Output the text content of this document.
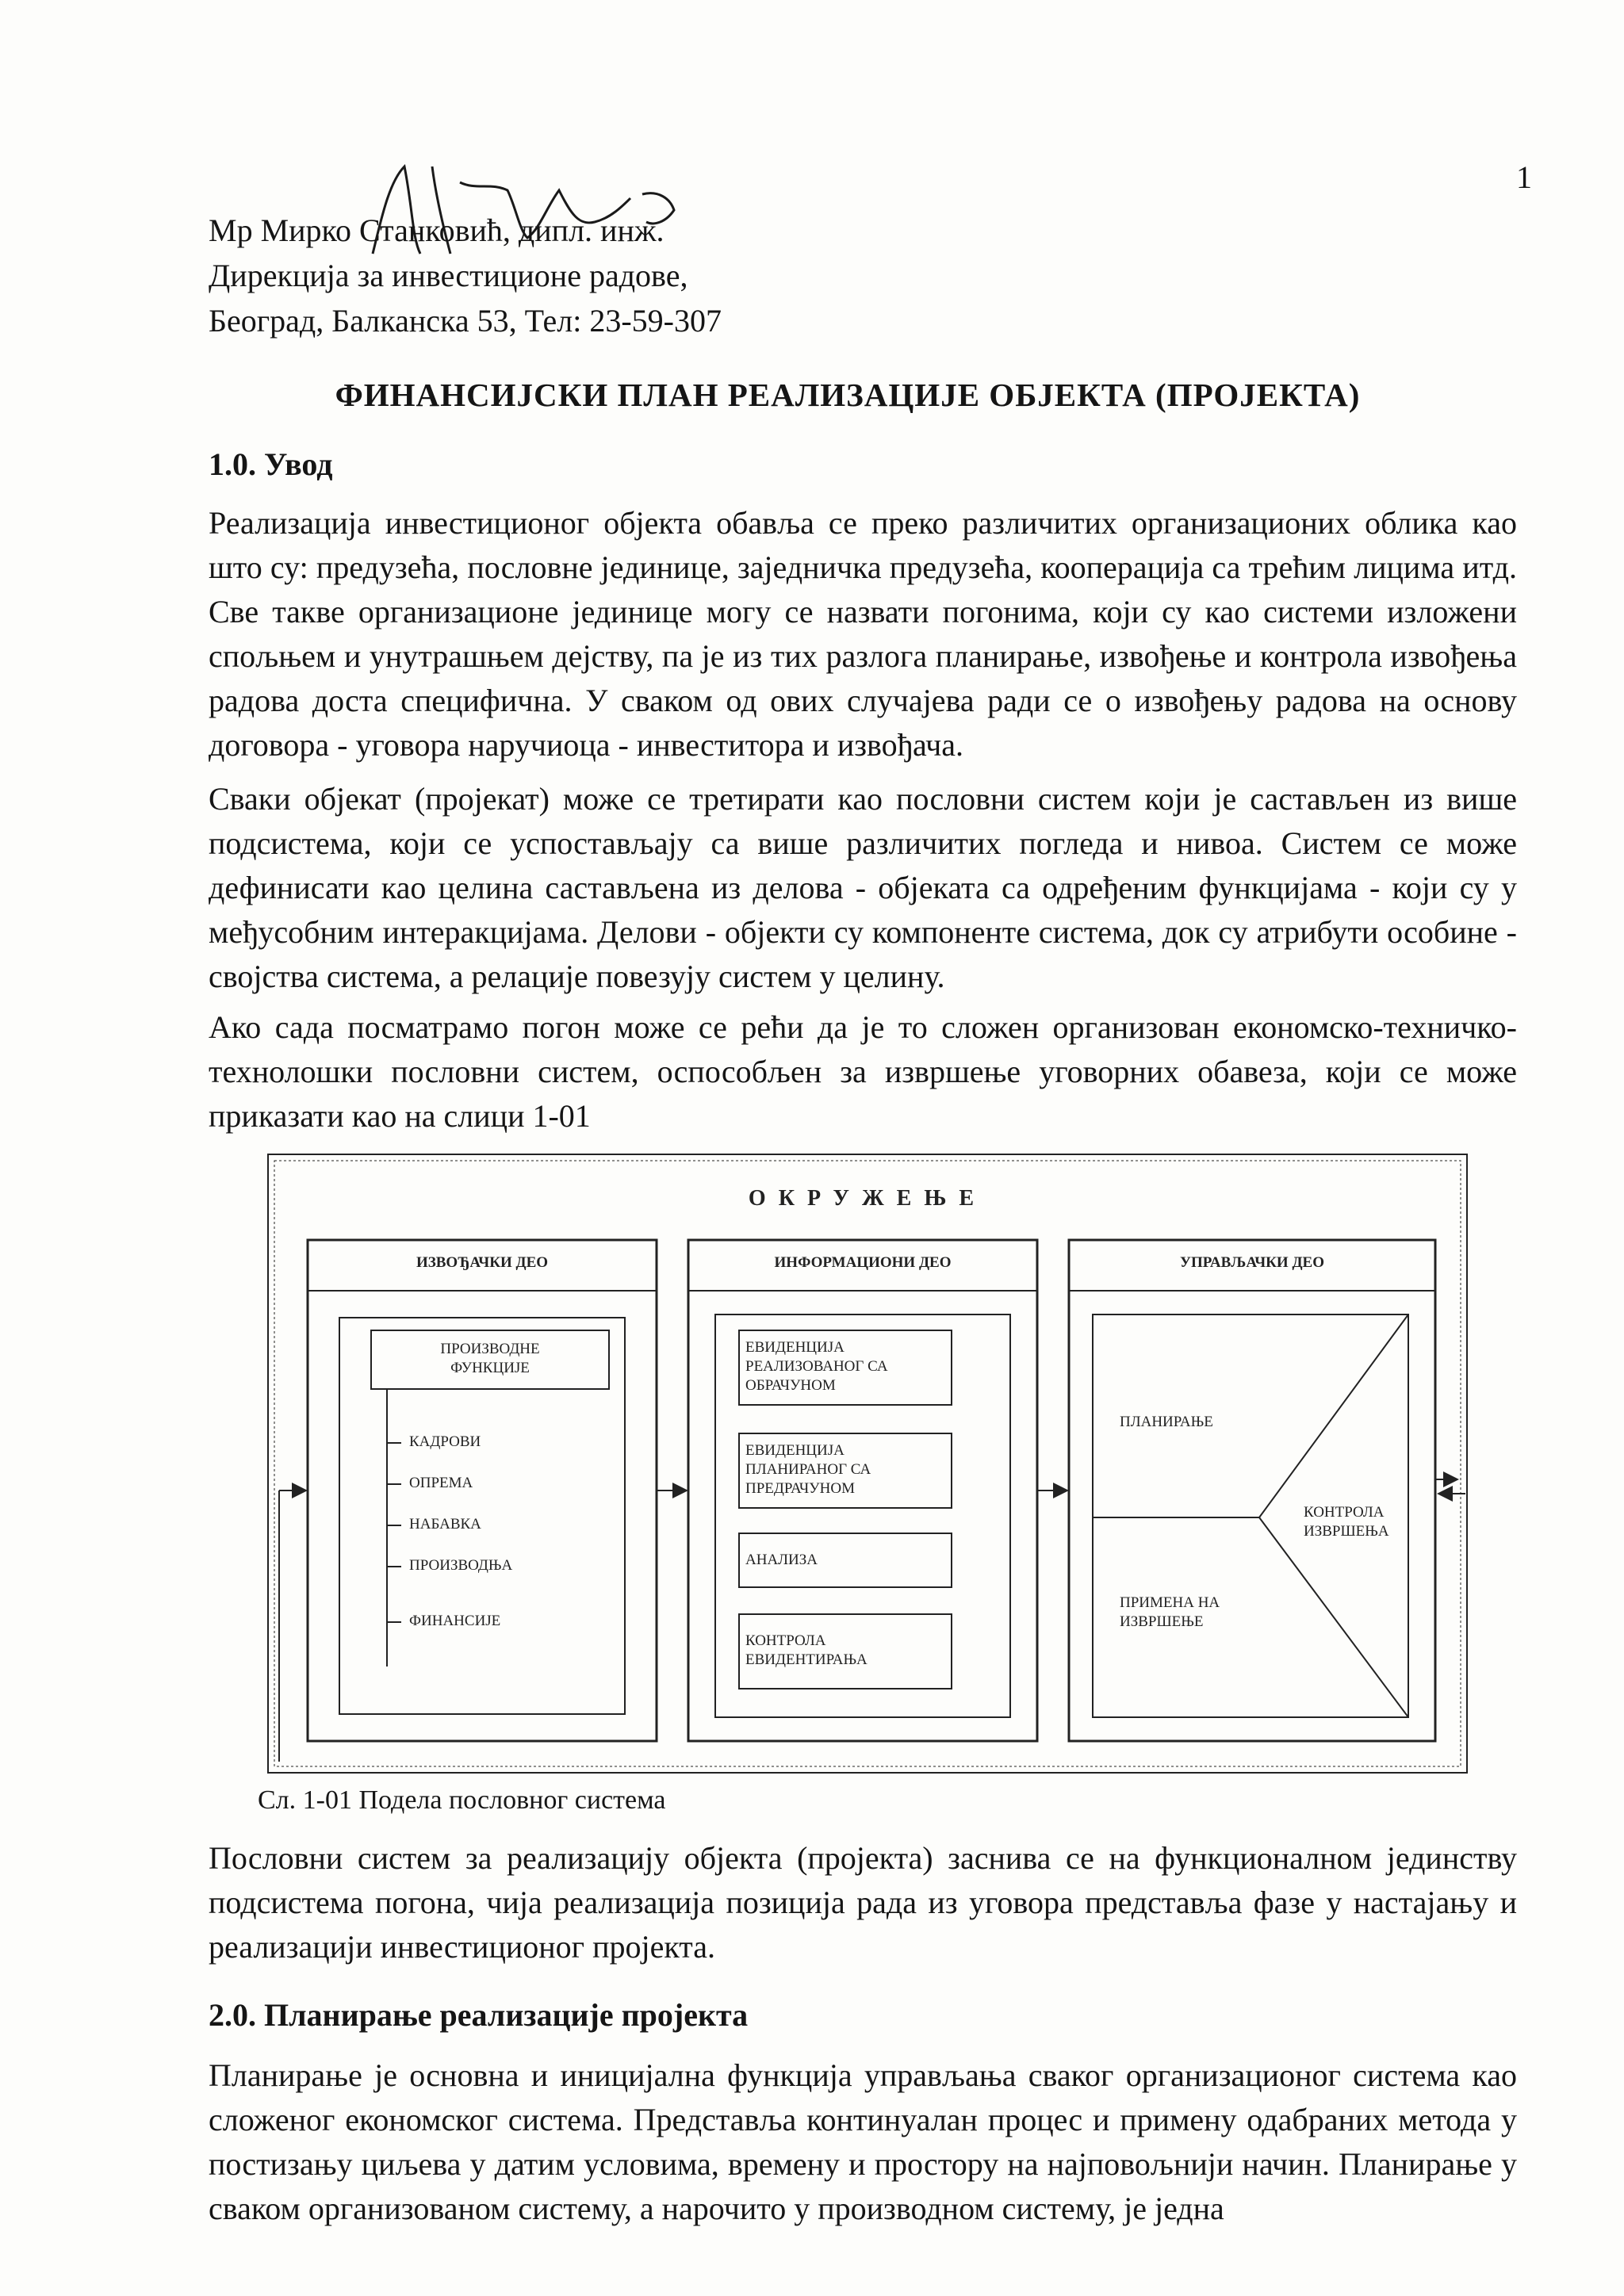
1
Мр Мирко Станковић, дипл. инж.
Дирекција за инвестиционе радове,
Београд, Балканска 53, Тел: 23-59-307
ФИНАНСИЈСКИ ПЛАН РЕАЛИЗАЦИЈЕ ОБЈЕКТА (ПРОЈЕКТА)
1.0. Увод

Реализација инвестиционог објекта обавља се преко различитих организационих облика као што су: предузећа, пословне јединице, заједничка предузећа, кооперација са трећим лицима итд. Све такве организационе јединице могу се назвати погонима, који су као системи изложени спољњем и унутрашњем дејству, па је из тих разлога планирање, извођење и контрола извођења радова доста специфична. У сваком од ових случајева ради се о извођењу радова на основу договора - уговора наручиоца - инвеститора и извођача.

Сваки објекат (пројекат) може се третирати као пословни систем који је састављен из више подсистема, који се успостављају са више различитих погледа и нивоа. Систем се може дефинисати као целина састављена из делова - објеката са одређеним функцијама - који су у међусобним интеракцијама. Делови - објекти су компоненте система, док су атрибути особине - својства система, а релације повезују систем у целину.

Ако сада посматрамо погон може се рећи да је то сложен организован економско-техничко-технолошки пословни систем, оспособљен за извршење уговорних обавеза, који се може приказати као на слици 1-01

ОКРУЖЕЊЕ
ИЗВОЂАЧКИ ДЕО
ПРОИЗВОДНЕ ФУНКЦИЈЕ
КАДРОВИ
ОПРЕМА
НАБАВКА
ПРОИЗВОДЊА
ФИНАНСИЈЕ
ИНФОРМАЦИОНИ ДЕО
ЕВИДЕНЦИЈА РЕАЛИЗОВАНОГ СА ОБРАЧУНОМ
ЕВИДЕНЦИЈА ПЛАНИРАНОГ СА ПРЕДРАЧУНОМ
АНАЛИЗА
КОНТРОЛА ЕВИДЕНТИРАЊА
УПРАВЉАЧКИ ДЕО
ПЛАНИРАЊЕ
КОНТРОЛА ИЗВРШЕЊА
ПРИМЕНА НА ИЗВРШЕЊЕ
Сл. 1-01 Подела пословног система

Пословни систем за реализацију објекта (пројекта) заснива се на функционалном јединству подсистема погона, чија реализација позиција рада из уговора представља фазе у настајању и реализацији инвестиционог пројекта.

2.0. Планирање реализације пројекта

Планирање је основна и иницијална функција управљања сваког организационог система као сложеног економског система. Представља континуалан процес и примену одабраних метода у постизању циљева у датим условима, времену и простору на најповољнији начин. Планирање у сваком организованом систему, а нарочито у производном систему, је једна
